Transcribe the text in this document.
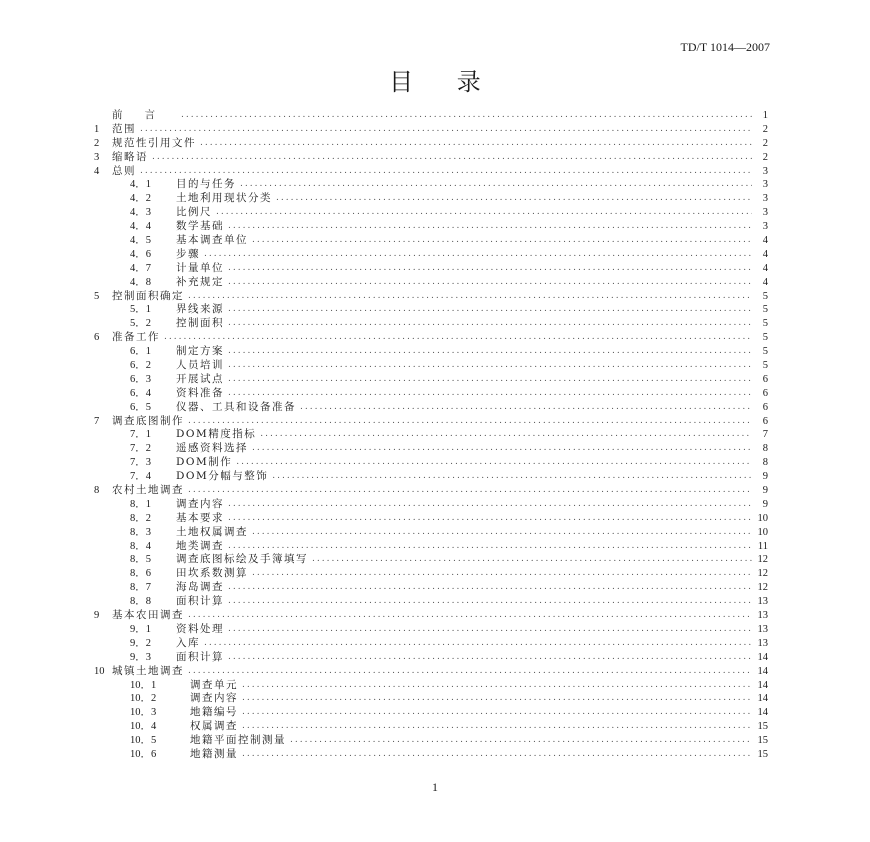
TD/T 1014—2007
目 录
前言 .....	1
1	范围 .....	2
2	规范性引用文件 .....	2
3	缩略语 .....	2
4	总则 .....	3
4．1	目的与任务 .....	3
4．2	土地利用现状分类 .....	3
4．3	比例尺 .....	3
4．4	数学基础 .....	3
4．5	基本调查单位 .....	4
4．6	步骤 .....	4
4．7	计量单位 .....	4
4．8	补充规定 .....	4
5	控制面积确定 .....	5
5．1	界线来源 .....	5
5．2	控制面积 .....	5
6	准备工作 .....	5
6．1	制定方案 .....	5
6．2	人员培训 .....	5
6．3	开展试点 .....	6
6．4	资料准备 .....	6
6．5	仪器、工具和设备准备 .....	6
7	调查底图制作 .....	6
7．1	DOM精度指标 .....	7
7．2	遥感资料选择 .....	8
7．3	DOM制作 .....	8
7．4	DOM分幅与整饰 .....	9
8	农村土地调查 .....	9
8．1	调查内容 .....	9
8．2	基本要求 .....	10
8．3	土地权属调查 .....	10
8．4	地类调查 .....	11
8．5	调查底图标绘及手簿填写 .....	12
8．6	田坎系数测算 .....	12
8．7	海岛调查 .....	12
8．8	面积计算 .....	13
9	基本农田调查 .....	13
9．1	资料处理 .....	13
9．2	入库 .....	13
9．3	面积计算 .....	14
10 城镇土地调查 .....	14
10．1	调查单元 .....	14
10．2	调查内容 .....	14
10．3	地籍编号 .....	14
10．4	权属调查 .....	15
10．5	地籍平面控制测量 .....	15
10．6	地籍测量 .....	15
1
